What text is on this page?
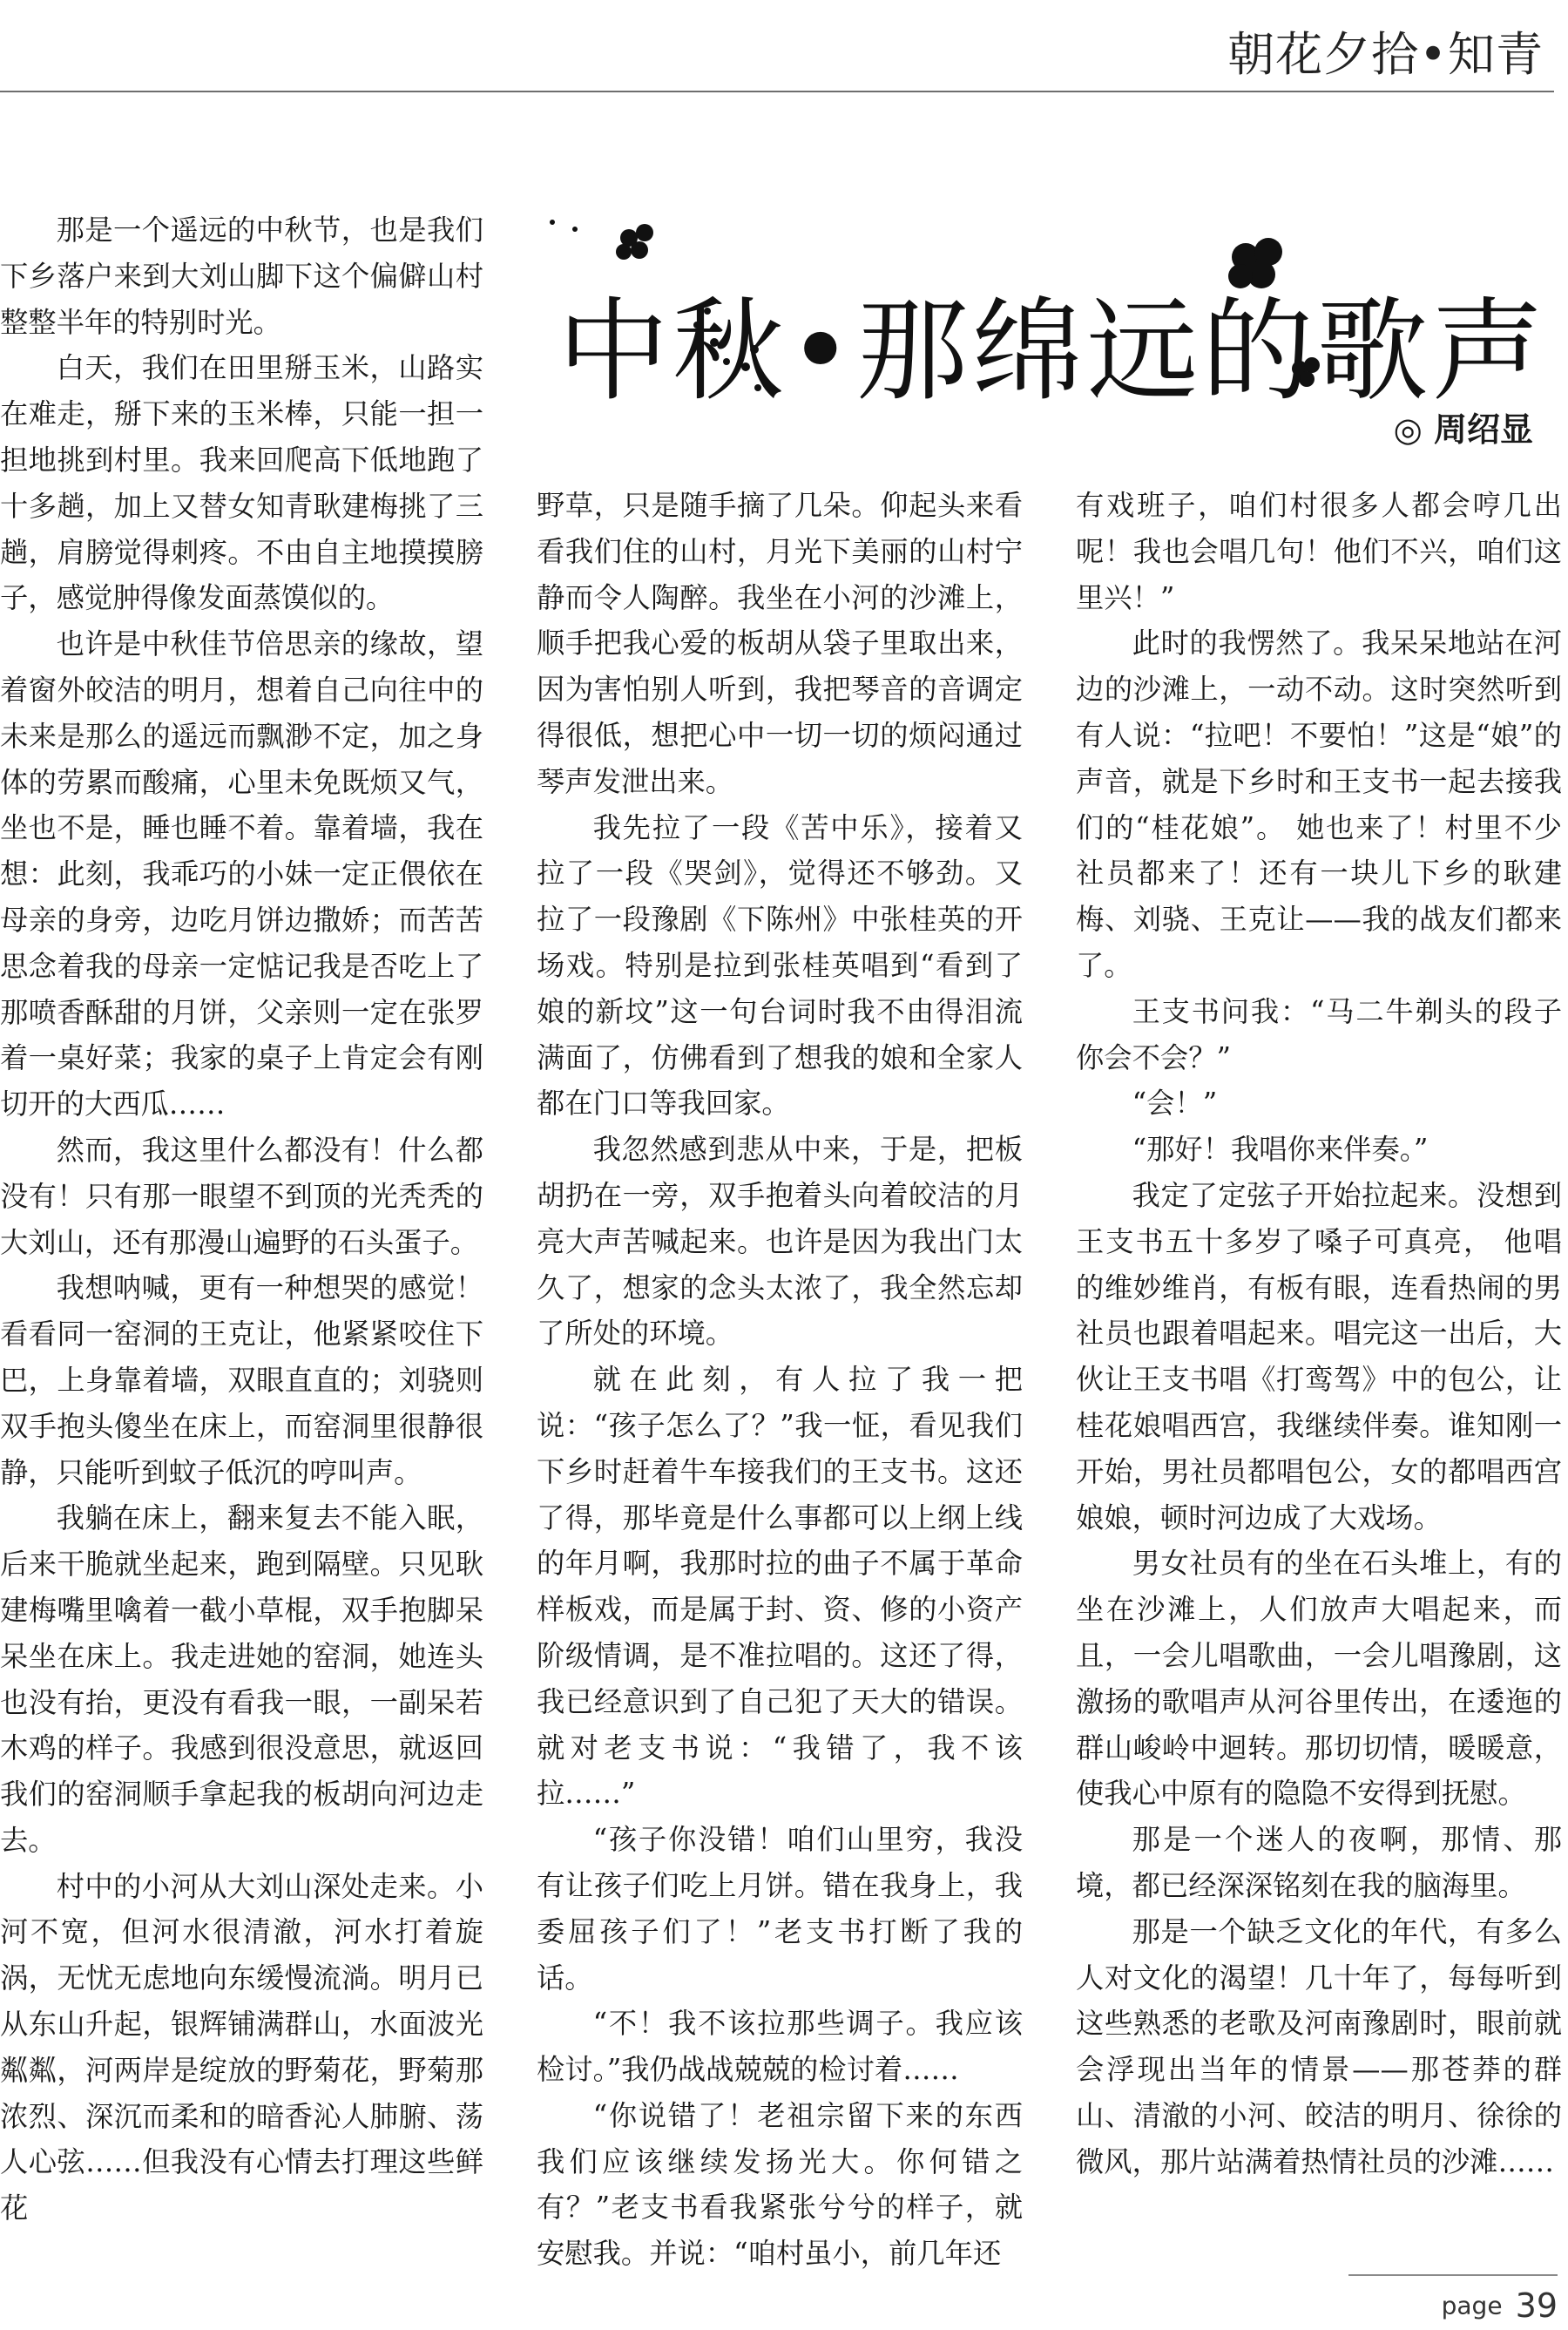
朝花夕拾•知青
中秋•那绵远的歌声
◎ 周绍显

那是一个遥远的中秋节，也是我们下乡落户来到大刘山脚下这个偏僻山村整整半年的特别时光。

白天，我们在田里掰玉米，山路实在难走，掰下来的玉米棒，只能一担一担地挑到村里。我来回爬高下低地跑了十多趟，加上又替女知青耿建梅挑了三趟，肩膀觉得刺疼。不由自主地摸摸膀子，感觉肿得像发面蒸馍似的。

也许是中秋佳节倍思亲的缘故，望着窗外皎洁的明月，想着自己向往中的未来是那么的遥远而飘渺不定，加之身体的劳累而酸痛，心里未免既烦又气，坐也不是，睡也睡不着。靠着墙，我在想：此刻，我乖巧的小妹一定正偎依在母亲的身旁，边吃月饼边撒娇；而苦苦思念着我的母亲一定惦记我是否吃上了那喷香酥甜的月饼，父亲则一定在张罗着一桌好菜；我家的桌子上肯定会有刚切开的大西瓜……

然而，我这里什么都没有！什么都没有！只有那一眼望不到顶的光秃秃的大刘山，还有那漫山遍野的石头蛋子。

我想呐喊，更有一种想哭的感觉！看看同一窑洞的王克让，他紧紧咬住下巴，上身靠着墙，双眼直直的；刘骁则双手抱头傻坐在床上，而窑洞里很静很静，只能听到蚊子低沉的哼叫声。

我躺在床上，翻来复去不能入眠，后来干脆就坐起来，跑到隔壁。只见耿建梅嘴里噙着一截小草棍，双手抱脚呆呆坐在床上。我走进她的窑洞，她连头也没有抬，更没有看我一眼，一副呆若木鸡的样子。我感到很没意思，就返回我们的窑洞顺手拿起我的板胡向河边走去。

村中的小河从大刘山深处走来。小河不宽，但河水很清澈，河水打着旋涡，无忧无虑地向东缓慢流淌。明月已从东山升起，银辉铺满群山，水面波光粼粼，河两岸是绽放的野菊花，野菊那浓烈、深沉而柔和的暗香沁人肺腑、荡人心弦……但我没有心情去打理这些鲜花

野草，只是随手摘了几朵。仰起头来看看我们住的山村，月光下美丽的山村宁静而令人陶醉。我坐在小河的沙滩上，顺手把我心爱的板胡从袋子里取出来，因为害怕别人听到，我把琴音的音调定得很低，想把心中一切一切的烦闷通过琴声发泄出来。

我先拉了一段《苦中乐》，接着又拉了一段《哭剑》，觉得还不够劲。又拉了一段豫剧《下陈州》中张桂英的开场戏。特别是拉到张桂英唱到“看到了娘的新坟”这一句台词时我不由得泪流满面了，仿佛看到了想我的娘和全家人都在门口等我回家。

我忽然感到悲从中来，于是，把板胡扔在一旁，双手抱着头向着皎洁的月亮大声苦喊起来。也许是因为我出门太久了，想家的念头太浓了，我全然忘却了所处的环境。

就在此刻，有人拉了我一把说：“孩子怎么了？”我一怔，看见我们下乡时赶着牛车接我们的王支书。这还了得，那毕竟是什么事都可以上纲上线的年月啊，我那时拉的曲子不属于革命样板戏，而是属于封、资、修的小资产阶级情调，是不准拉唱的。这还了得，我已经意识到了自己犯了天大的错误。就对老支书说：“我错了，我不该拉……”

“孩子你没错！咱们山里穷，我没有让孩子们吃上月饼。错在我身上，我委屈孩子们了！”老支书打断了我的话。

“不！我不该拉那些调子。我应该检讨。”我仍战战兢兢的检讨着……

“你说错了！老祖宗留下来的东西我们应该继续发扬光大。你何错之有？”老支书看我紧张兮兮的样子，就安慰我。并说：“咱村虽小，前几年还

有戏班子，咱们村很多人都会哼几出呢！我也会唱几句！他们不兴，咱们这里兴！”

此时的我愣然了。我呆呆地站在河边的沙滩上，一动不动。这时突然听到有人说：“拉吧！不要怕！”这是“娘”的声音，就是下乡时和王支书一起去接我们的“桂花娘”。 她也来了！村里不少社员都来了！还有一块儿下乡的耿建梅、刘骁、王克让——我的战友们都来了。

王支书问我：“马二牛剃头的段子你会不会？”

“会！”

“那好！我唱你来伴奏。”

我定了定弦子开始拉起来。没想到王支书五十多岁了嗓子可真亮， 他唱的维妙维肖，有板有眼，连看热闹的男社员也跟着唱起来。唱完这一出后，大伙让王支书唱《打鸾驾》中的包公，让桂花娘唱西宫，我继续伴奏。谁知刚一开始，男社员都唱包公，女的都唱西宫娘娘，顿时河边成了大戏场。

男女社员有的坐在石头堆上，有的坐在沙滩上，人们放声大唱起来，而且，一会儿唱歌曲，一会儿唱豫剧，这激扬的歌唱声从河谷里传出，在逶迤的群山峻岭中迴转。那切切情，暖暖意，使我心中原有的隐隐不安得到抚慰。

那是一个迷人的夜啊，那情、那境，都已经深深铭刻在我的脑海里。

那是一个缺乏文化的年代，有多么人对文化的渴望！几十年了，每每听到这些熟悉的老歌及河南豫剧时，眼前就会浮现出当年的情景——那苍莽的群山、清澈的小河、皎洁的明月、徐徐的微风，那片站满着热情社员的沙滩……

page 39
